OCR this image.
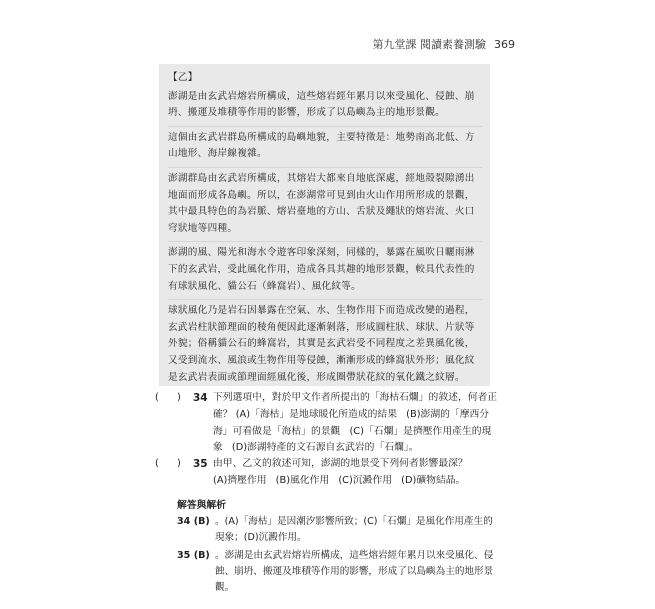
第九堂課 閱讀素養測驗 369
【乙】

澎湖是由玄武岩熔岩所構成，這些熔岩經年累月以來受風化、侵蝕、崩坍、搬運及堆積等作用的影響，形成了以島嶼為主的地形景觀。

這個由玄武岩群島所構成的島嶼地貌，主要特徵是：地勢南高北低、方山地形、海岸線複雜。

澎湖群島由玄武岩所構成，其熔岩大都來自地底深處，經地殼裂隙湧出地面而形成各島嶼。所以，在澎湖常可見到由火山作用所形成的景觀，其中最具特色的為岩脈、熔岩臺地的方山、舌狀及繩狀的熔岩流、火口穹狀地等四種。

澎湖的風、陽光和海水令遊客印象深刻，同樣的，暴露在風吹日曬雨淋下的玄武岩，受此風化作用，造成各具其趣的地形景觀，較具代表性的有球狀風化、貓公石（蜂窩岩）、風化紋等。

球狀風化乃是岩石因暴露在空氣、水、生物作用下而造成改變的過程，玄武岩柱狀節理面的稜角便因此逐漸剝落，形成圓柱狀、球狀、片狀等外貌；俗稱貓公石的蜂窩岩，其實是玄武岩受不同程度之差異風化後，又受到流水、風浪或生物作用等侵蝕，漸漸形成的蜂窩狀外形；風化紋是玄武岩表面或節理面經風化後，形成圈帶狀花紋的氧化鐵之紋層。

( ) 34 下列選項中，對於甲文作者所提出的「海枯石爛」的敘述，何者正確？ (A)「海枯」是地球暖化所造成的結果 (B)澎湖的「摩西分海」可看做是「海枯」的景觀 (C)「石爛」是擠壓作用產生的現象 (D)澎湖特產的文石源自玄武岩的「石爛」。
( ) 35 由甲、乙文的敘述可知，澎湖的地景受下列何者影響最深？
(A)擠壓作用 (B)風化作用 (C)沉澱作用 (D)礦物結晶。
解答與解析
34 (B) 。(A)「海枯」是因潮汐影響所致；(C)「石爛」是風化作用產生的現象；(D)沉澱作用。
35 (B) 。澎湖是由玄武岩熔岩所構成，這些熔岩經年累月以來受風化、侵蝕、崩坍、搬運及堆積等作用的影響，形成了以島嶼為主的地形景觀。
